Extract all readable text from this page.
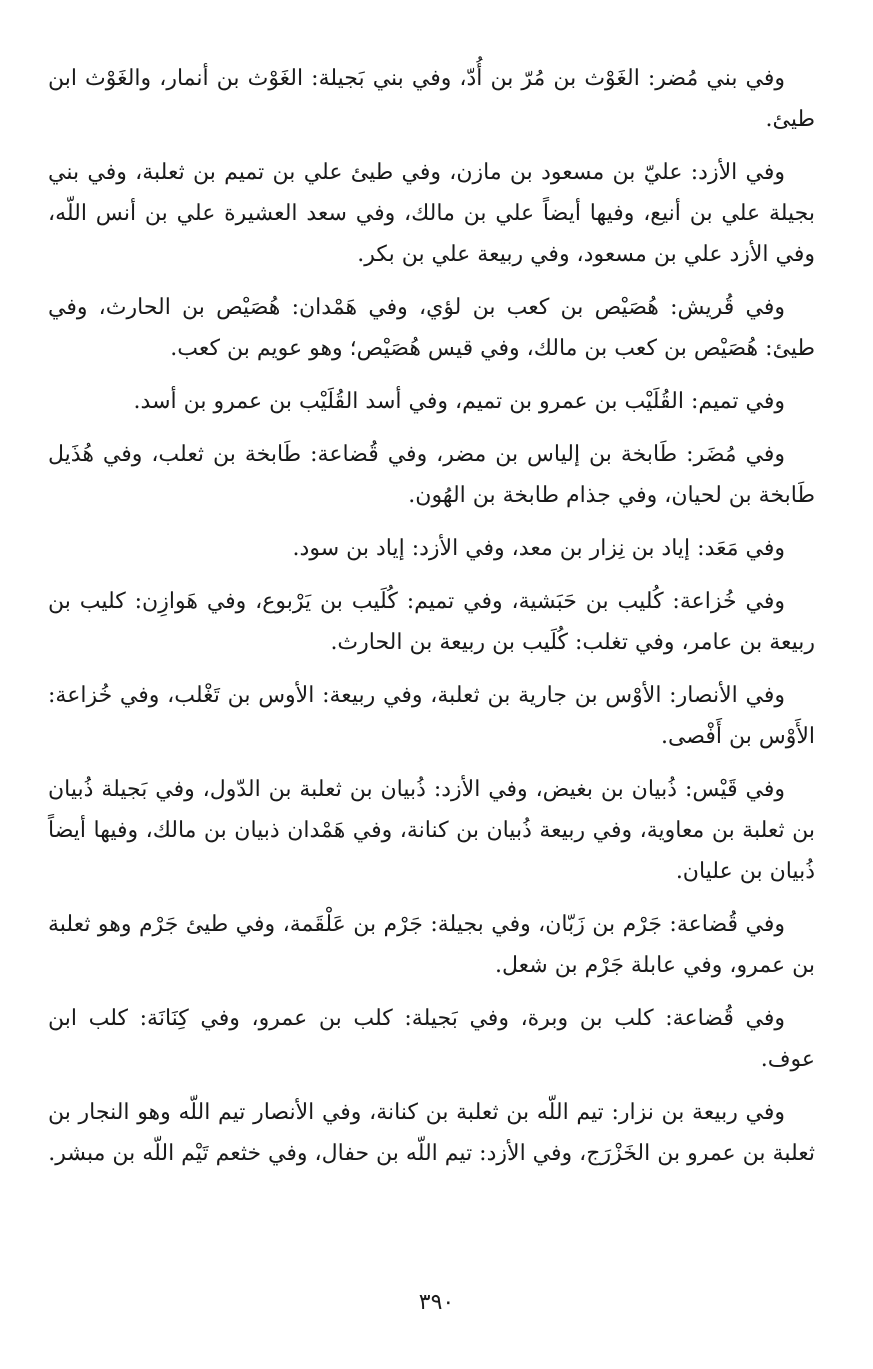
وفي بني مُضر: الغَوْث بن مُرّ بن أُدّ، وفي بني بَجيلة: الغَوْث بن أنمار، والغَوْث ابن طيئ.

وفي الأزد: عليّ بن مسعود بن مازن، وفي طيئ علي بن تميم بن ثعلبة، وفي بني بجيلة علي بن أنيع، وفيها أيضاً علي بن مالك، وفي سعد العشيرة علي بن أنس اللّه، وفي الأزد علي بن مسعود، وفي ربيعة علي بن بكر.

وفي قُريش: هُصَيْص بن كعب بن لؤي، وفي هَمْدان: هُصَيْص بن الحارث، وفي طيئ: هُصَيْص بن كعب بن مالك، وفي قيس هُصَيْص؛ وهو عويم بن كعب.

وفي تميم: القُلَيْب بن عمرو بن تميم، وفي أسد القُلَيْب بن عمرو بن أسد.

وفي مُضَر: طَابخة بن إلياس بن مضر، وفي قُضاعة: طَابخة بن ثعلب، وفي هُذَيل طَابخة بن لحيان، وفي جذام طابخة بن الهُون.

وفي مَعَد: إياد بن نِزار بن معد، وفي الأزد: إياد بن سود.

وفي خُزاعة: كُليب بن حَبَشية، وفي تميم: كُلَيب بن يَرْبوع، وفي هَوازِن: كليب بن ربيعة بن عامر، وفي تغلب: كُلَيب بن ربيعة بن الحارث.

وفي الأنصار: الأوْس بن جارية بن ثعلبة، وفي ربيعة: الأوس بن تَغْلب، وفي خُزاعة: الأَوْس بن أَفْصى.

وفي قَيْس: ذُبيان بن بغيض، وفي الأزد: ذُبيان بن ثعلبة بن الدّول، وفي بَجيلة ذُبيان بن ثعلبة بن معاوية، وفي ربيعة ذُبيان بن كنانة، وفي هَمْدان ذبيان بن مالك، وفيها أيضاً ذُبيان بن عليان.

وفي قُضاعة: جَرْم بن زَبّان، وفي بجيلة: جَرْم بن عَلْقَمة، وفي طيئ جَرْم وهو ثعلبة بن عمرو، وفي عابلة جَرْم بن شعل.

وفي قُضاعة: كلب بن وبرة، وفي بَجيلة: كلب بن عمرو، وفي كِنَانَة: كلب ابن عوف.

وفي ربيعة بن نزار: تيم اللّه بن ثعلبة بن كنانة، وفي الأنصار تيم اللّه وهو النجار بن ثعلبة بن عمرو بن الخَزْرَج، وفي الأزد: تيم اللّه بن حفال، وفي خثعم تَيْم اللّه بن مبشر.

٣٩٠
